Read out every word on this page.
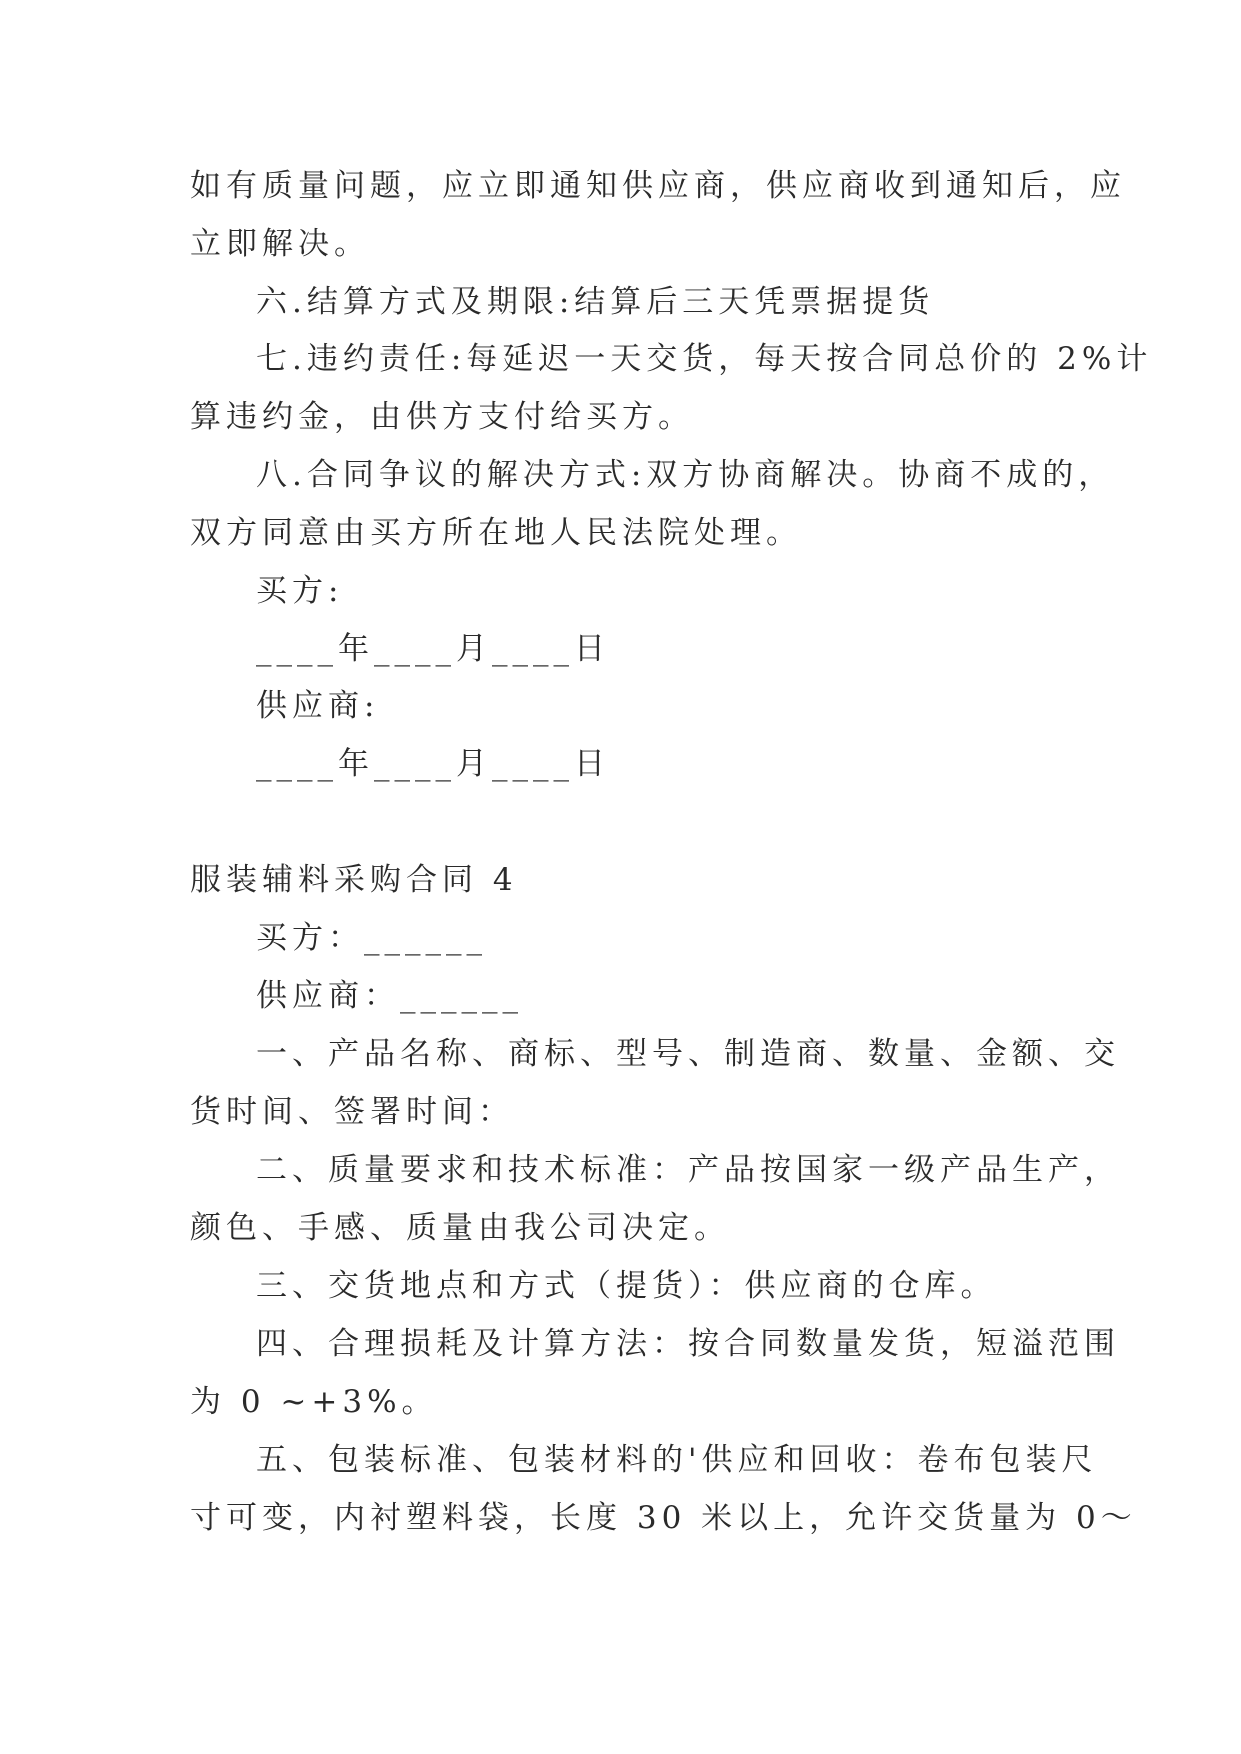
如有质量问题，应立即通知供应商，供应商收到通知后，应
立即解决。
六.结算方式及期限:结算后三天凭票据提货
七.违约责任:每延迟一天交货，每天按合同总价的 2%计
算违约金，由供方支付给买方。
八.合同争议的解决方式:双方协商解决。协商不成的，
双方同意由买方所在地人民法院处理。
买方:
____年____月____日
供应商:
____年____月____日
服装辅料采购合同 4
买方：______
供应商：______
一、产品名称、商标、型号、制造商、数量、金额、交
货时间、签署时间：
二、质量要求和技术标准：产品按国家一级产品生产，
颜色、手感、质量由我公司决定。
三、交货地点和方式（提货）：供应商的仓库。
四、合理损耗及计算方法：按合同数量发货，短溢范围
为 0 ~+3%。
五、包装标准、包装材料的'供应和回收：卷布包装尺
寸可变，内衬塑料袋，长度 30 米以上，允许交货量为 0～
